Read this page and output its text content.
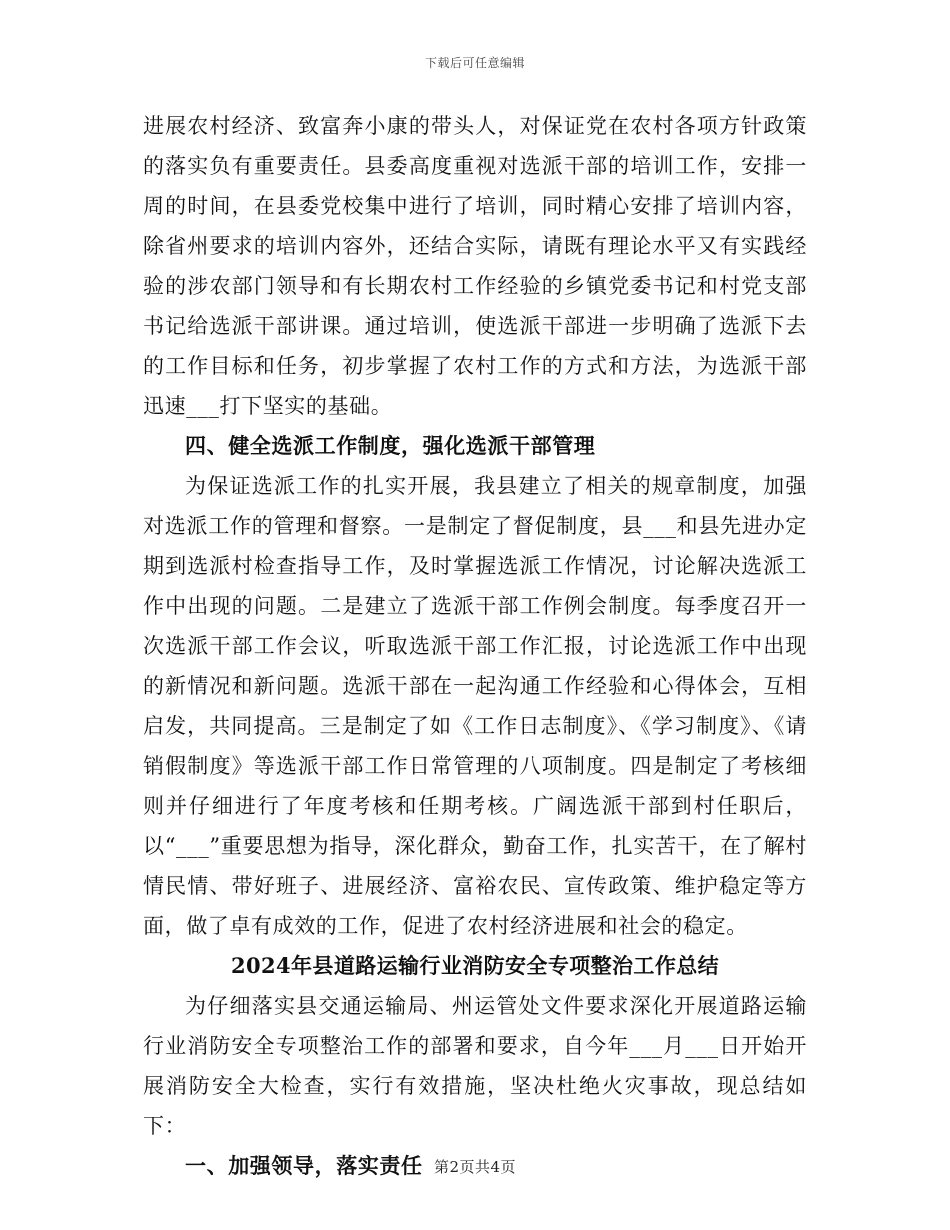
下载后可任意编辑

进展农村经济、致富奔小康的带头人，对保证党在农村各项方针政策的落实负有重要责任。县委高度重视对选派干部的培训工作，安排一周的时间，在县委党校集中进行了培训，同时精心安排了培训内容，除省州要求的培训内容外，还结合实际，请既有理论水平又有实践经验的涉农部门领导和有长期农村工作经验的乡镇党委书记和村党支部书记给选派干部讲课。通过培训，使选派干部进一步明确了选派下去的工作目标和任务，初步掌握了农村工作的方式和方法，为选派干部迅速___打下坚实的基础。

四、健全选派工作制度，强化选派干部管理

为保证选派工作的扎实开展，我县建立了相关的规章制度，加强对选派工作的管理和督察。一是制定了督促制度，县___和县先进办定期到选派村检查指导工作，及时掌握选派工作情况，讨论解决选派工作中出现的问题。二是建立了选派干部工作例会制度。每季度召开一次选派干部工作会议，听取选派干部工作汇报，讨论选派工作中出现的新情况和新问题。选派干部在一起沟通工作经验和心得体会，互相启发，共同提高。三是制定了如《工作日志制度》、《学习制度》、《请销假制度》等选派干部工作日常管理的八项制度。四是制定了考核细则并仔细进行了年度考核和任期考核。广阔选派干部到村任职后，以“___”重要思想为指导，深化群众，勤奋工作，扎实苦干，在了解村情民情、带好班子、进展经济、富裕农民、宣传政策、维护稳定等方面，做了卓有成效的工作，促进了农村经济进展和社会的稳定。

2024年县道路运输行业消防安全专项整治工作总结

为仔细落实县交通运输局、州运管处文件要求深化开展道路运输行业消防安全专项整治工作的部署和要求，自今年___月___日开始开展消防安全大检查，实行有效措施，坚决杜绝火灾事故，现总结如下：

一、加强领导，落实责任 第2页共4页
